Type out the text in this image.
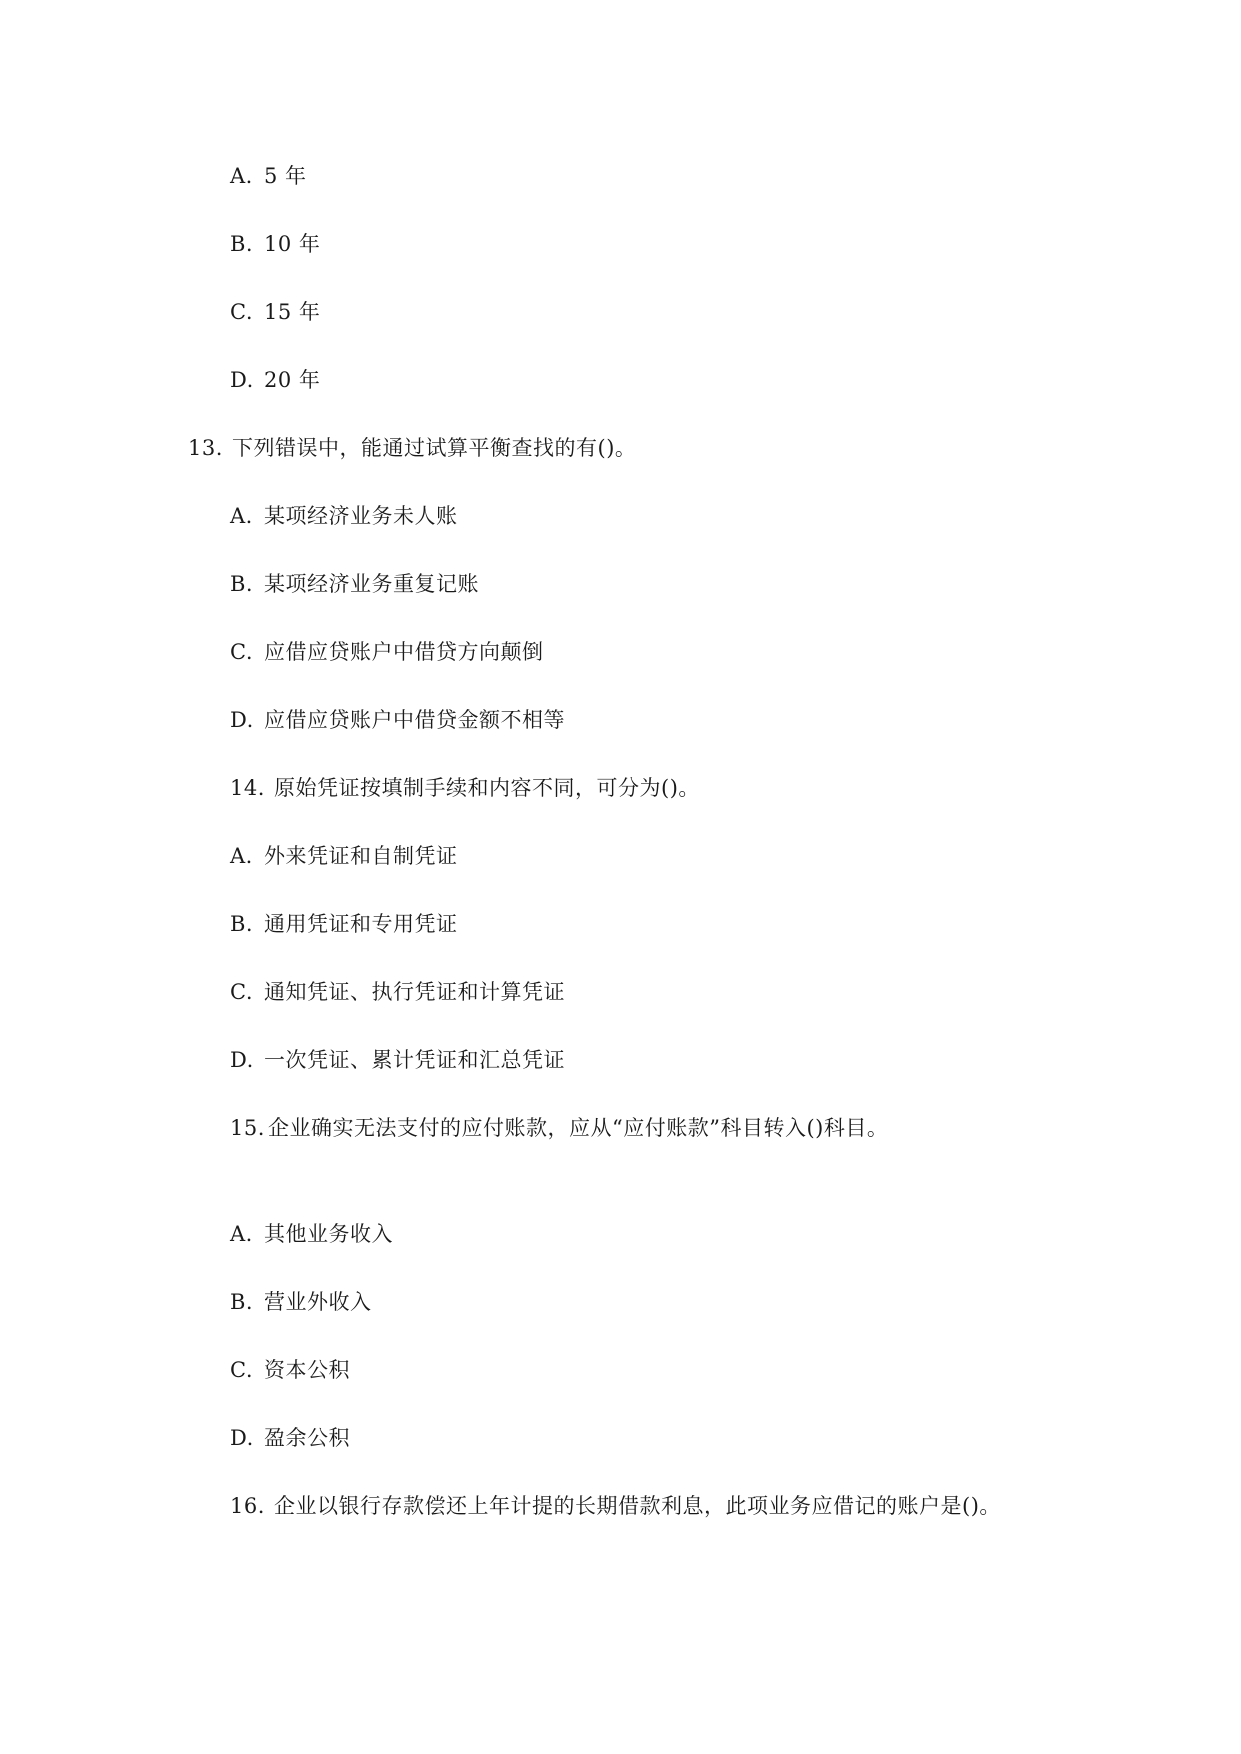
A. 5 年
B. 10 年
C. 15 年
D. 20 年
13. 下列错误中，能通过试算平衡查找的有()。
A. 某项经济业务未人账
B. 某项经济业务重复记账
C. 应借应贷账户中借贷方向颠倒
D. 应借应贷账户中借贷金额不相等
14. 原始凭证按填制手续和内容不同，可分为()。
A. 外来凭证和自制凭证
B. 通用凭证和专用凭证
C. 通知凭证、执行凭证和计算凭证
D. 一次凭证、累计凭证和汇总凭证
15. 企业确实无法支付的应付账款，应从“应付账款”科目转入()科目。
A. 其他业务收入
B. 营业外收入
C. 资本公积
D. 盈余公积
16. 企业以银行存款偿还上年计提的长期借款利息，此项业务应借记的账户是()。
